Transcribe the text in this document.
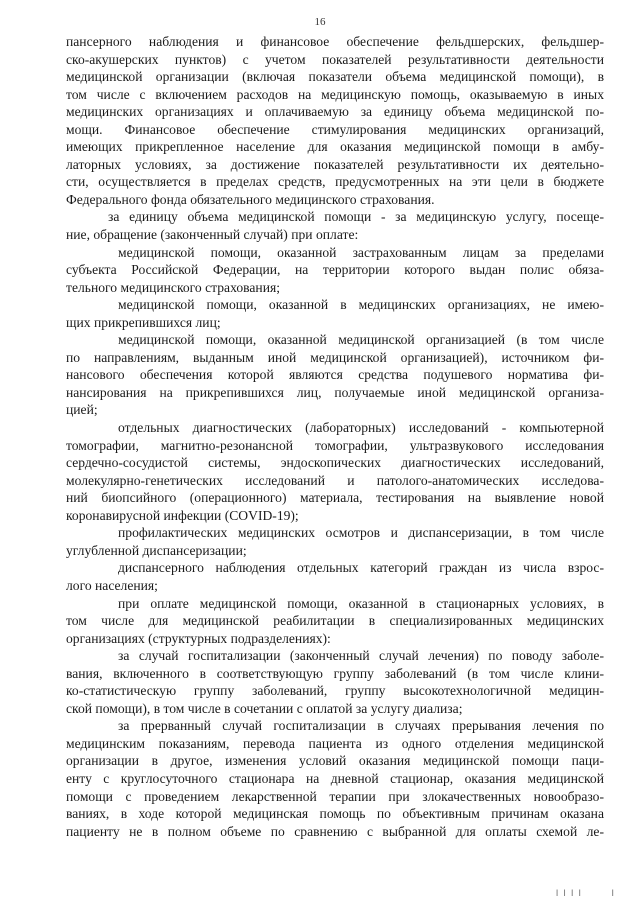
16

пансерного наблюдения и финансовое обеспечение фельдшерских, фельдшер-
ско-акушерских пунктов) с учетом показателей результативности деятельности
медицинской организации (включая показатели объема медицинской помощи), в
том числе с включением расходов на медицинскую помощь, оказываемую в иных
медицинских организациях и оплачиваемую за единицу объема медицинской по-
мощи. Финансовое обеспечение стимулирования медицинских организаций,
имеющих прикрепленное население для оказания медицинской помощи в амбу-
латорных условиях, за достижение показателей результативности их деятельно-
сти, осуществляется в пределах средств, предусмотренных на эти цели в бюджете
Федерального фонда обязательного медицинского страхования.

за единицу объема медицинской помощи - за медицинскую услугу, посеще-
ние, обращение (законченный случай) при оплате:

медицинской помощи, оказанной застрахованным лицам за пределами
субъекта Российской Федерации, на территории которого выдан полис обяза-
тельного медицинского страхования;

медицинской помощи, оказанной в медицинских организациях, не имею-
щих прикрепившихся лиц;

медицинской помощи, оказанной медицинской организацией (в том числе
по направлениям, выданным иной медицинской организацией), источником фи-
нансового обеспечения которой являются средства подушевого норматива фи-
нансирования на прикрепившихся лиц, получаемые иной медицинской организа-
цией;

отдельных диагностических (лабораторных) исследований - компьютерной
томографии, магнитно-резонансной томографии, ультразвукового исследования
сердечно-сосудистой системы, эндоскопических диагностических исследований,
молекулярно-генетических исследований и патолого-анатомических исследова-
ний биопсийного (операционного) материала, тестирования на выявление новой
коронавирусной инфекции (COVID-19);

профилактических медицинских осмотров и диспансеризации, в том числе
углубленной диспансеризации;

диспансерного наблюдения отдельных категорий граждан из числа взрос-
лого населения;

при оплате медицинской помощи, оказанной в стационарных условиях, в
том числе для медицинской реабилитации в специализированных медицинских
организациях (структурных подразделениях):

за случай госпитализации (законченный случай лечения) по поводу заболе-
вания, включенного в соответствующую группу заболеваний (в том числе клини-
ко-статистическую группу заболеваний, группу высокотехнологичной медицин-
ской помощи), в том числе в сочетании с оплатой за услугу диализа;

за прерванный случай госпитализации в случаях прерывания лечения по
медицинским показаниям, перевода пациента из одного отделения медицинской
организации в другое, изменения условий оказания медицинской помощи паци-
енту с круглосуточного стационара на дневной стационар, оказания медицинской
помощи с проведением лекарственной терапии при злокачественных новообразо-
ваниях, в ходе которой медицинская помощь по объективным причинам оказана
пациенту не в полном объеме по сравнению с выбранной для оплаты схемой ле-

I I I I	I
